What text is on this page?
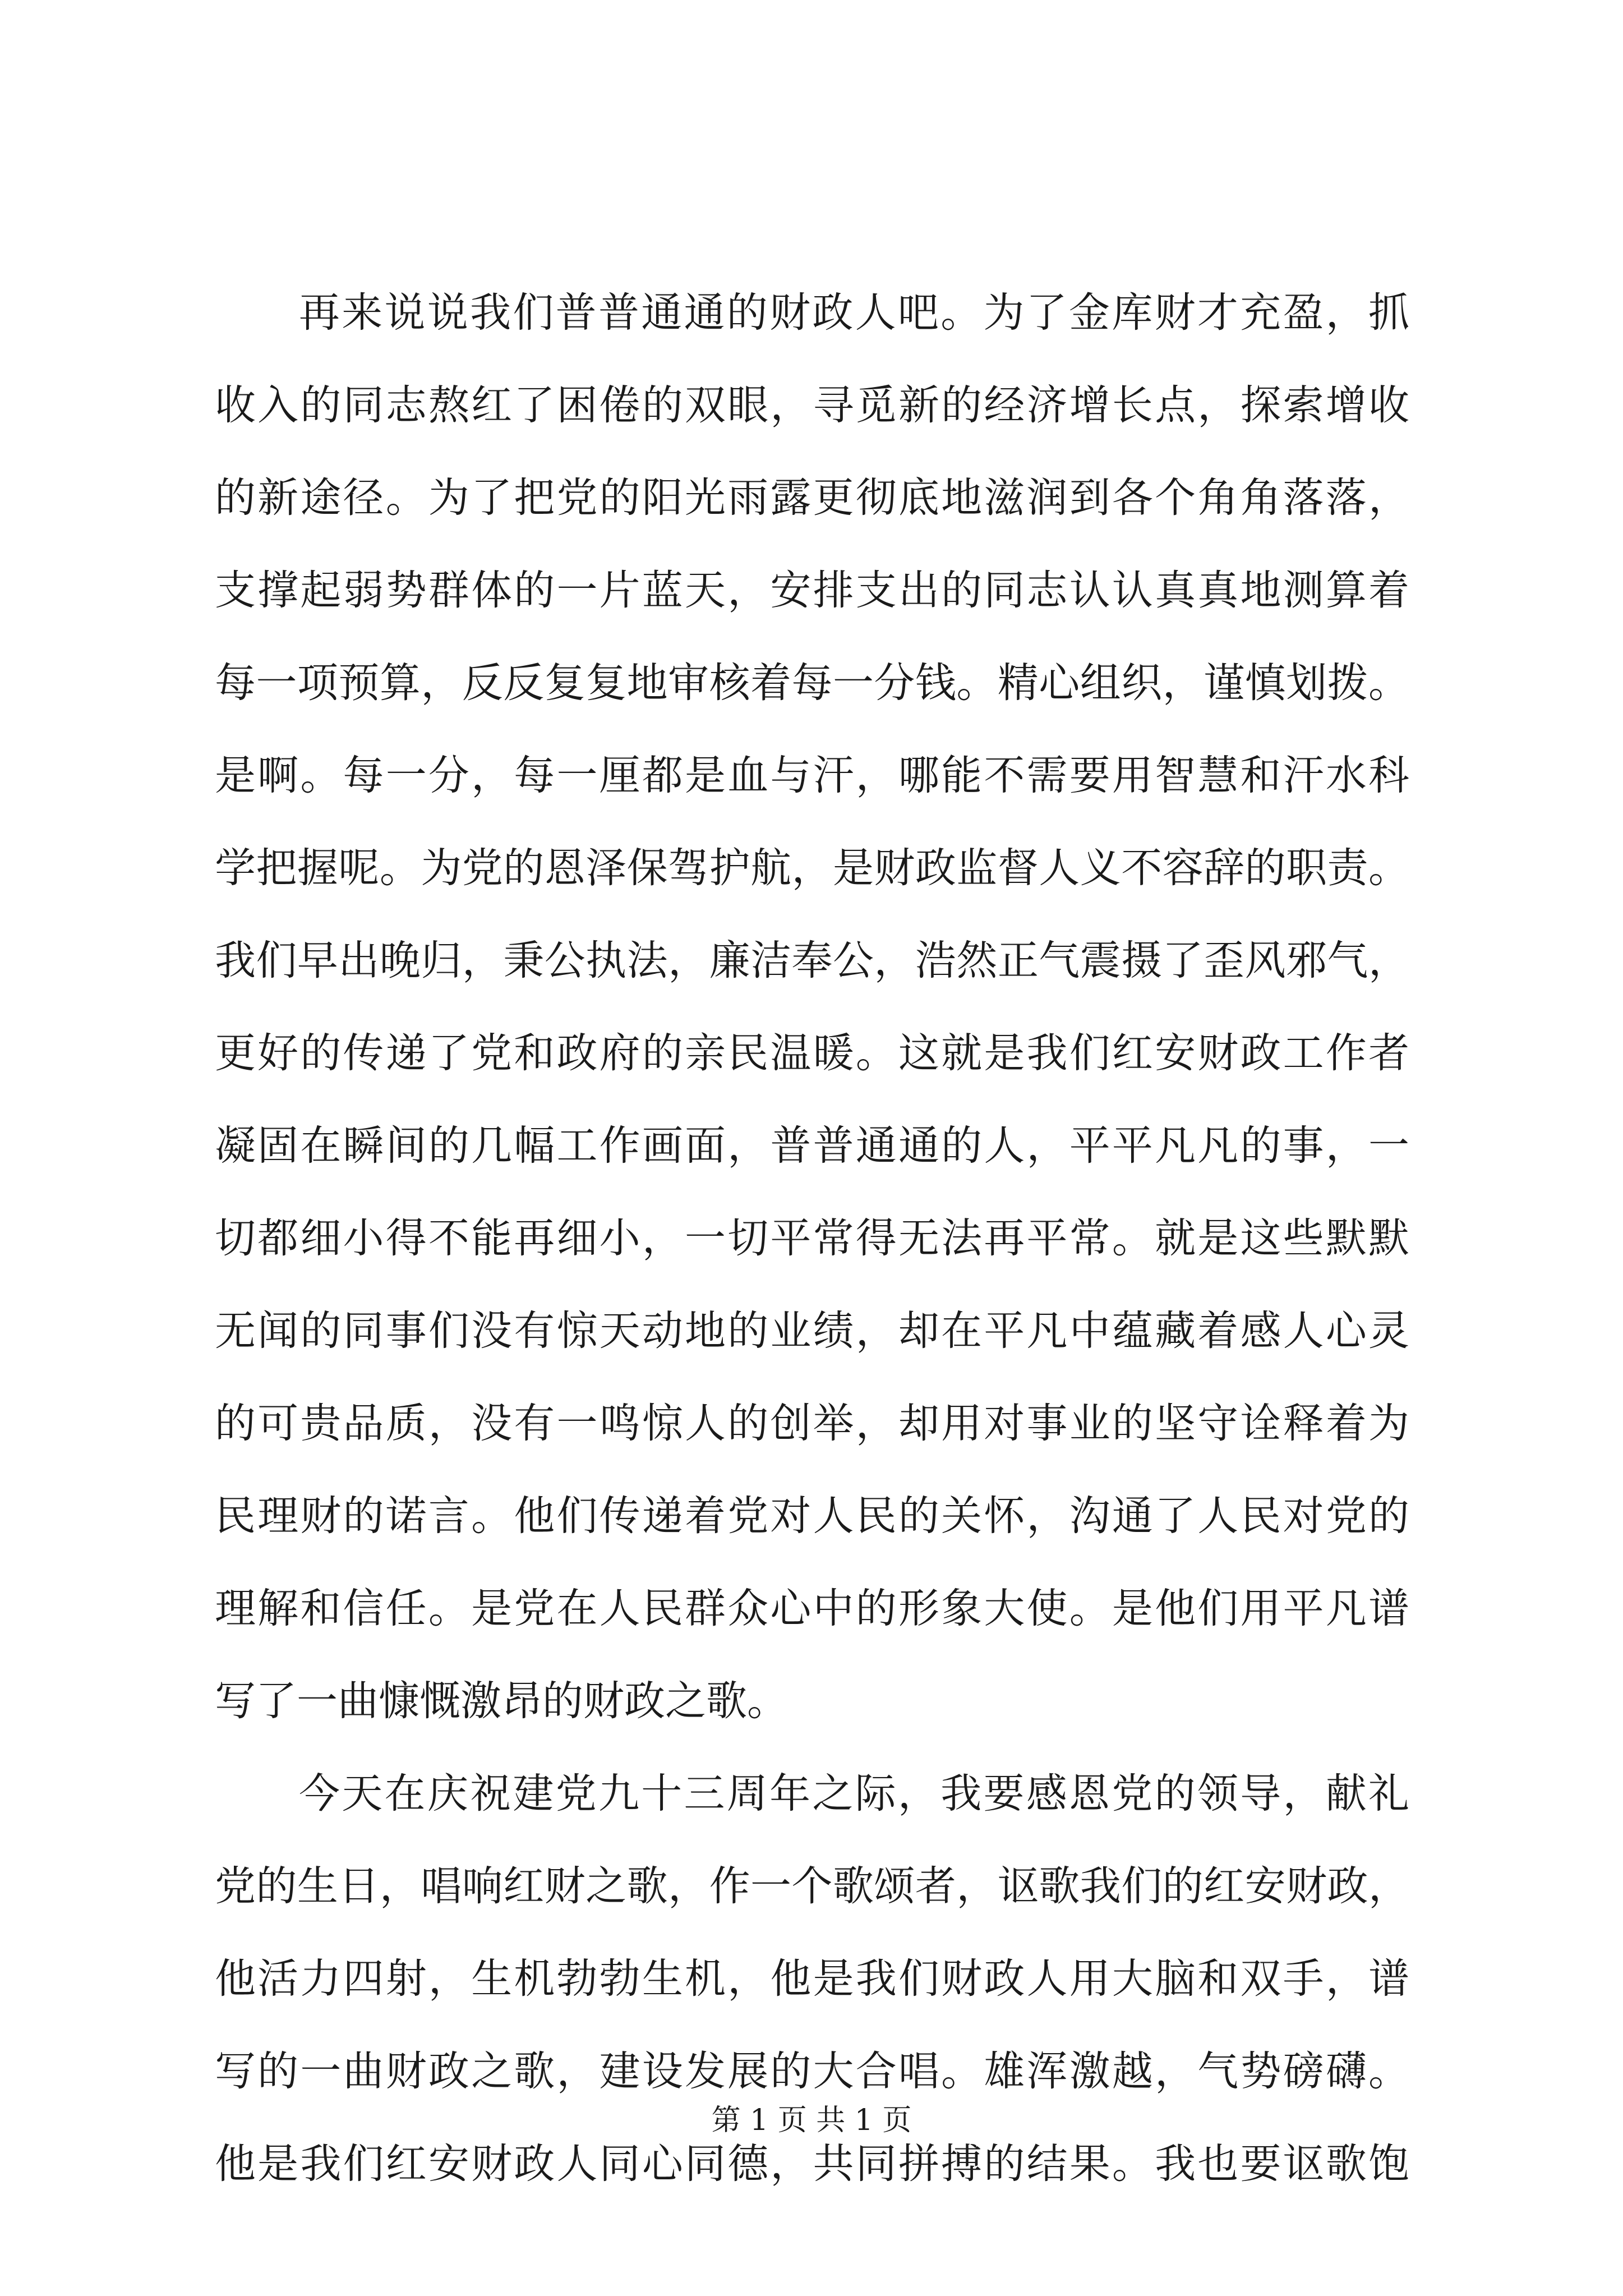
再来说说我们普普通通的财政人吧。为了金库财才充盈，抓
收入的同志熬红了困倦的双眼，寻觅新的经济增长点，探索增收
的新途径。为了把党的阳光雨露更彻底地滋润到各个角角落落，
支撑起弱势群体的一片蓝天，安排支出的同志认认真真地测算着
每一项预算，反反复复地审核着每一分钱。精心组织，谨慎划拨。
是啊。每一分，每一厘都是血与汗，哪能不需要用智慧和汗水科
学把握呢。为党的恩泽保驾护航，是财政监督人义不容辞的职责。
我们早出晚归，秉公执法，廉洁奉公，浩然正气震摄了歪风邪气，
更好的传递了党和政府的亲民温暖。这就是我们红安财政工作者
凝固在瞬间的几幅工作画面，普普通通的人，平平凡凡的事，一
切都细小得不能再细小，一切平常得无法再平常。就是这些默默
无闻的同事们没有惊天动地的业绩，却在平凡中蕴藏着感人心灵
的可贵品质，没有一鸣惊人的创举，却用对事业的坚守诠释着为
民理财的诺言。他们传递着党对人民的关怀，沟通了人民对党的
理解和信任。是党在人民群众心中的形象大使。是他们用平凡谱
写了一曲慷慨激昂的财政之歌。
今天在庆祝建党九十三周年之际，我要感恩党的领导，献礼
党的生日，唱响红财之歌，作一个歌颂者，讴歌我们的红安财政，
他活力四射，生机勃勃生机，他是我们财政人用大脑和双手，谱
写的一曲财政之歌，建设发展的大合唱。雄浑激越，气势磅礴。
他是我们红安财政人同心同德，共同拼搏的结果。我也要讴歌饱
第 1 页 共 1 页
